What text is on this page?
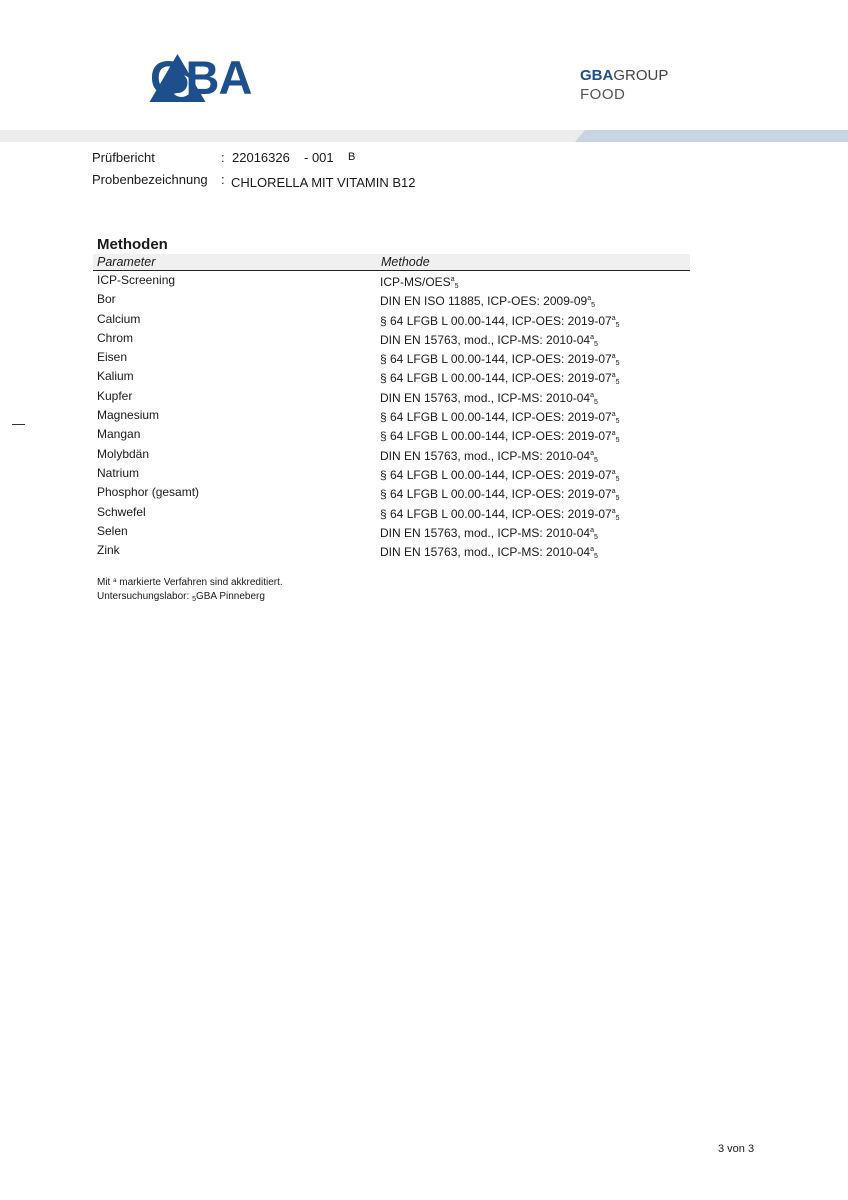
GBA	GBAGROUP
FOOD
Prüfbericht	: 22016326 - 001 B
Probenbezeichnung : CHLORELLA MIT VITAMIN B12
Methoden
Parameter	Methode
ICP-Screening	ICP-$MS/OES^a_5$
Bor	DIN EN ISO 11885, ICP-OES: $2009-09^a_5$
Calcium	§ 64 LFGB L 00.00-144, ICP-OES: $2019-07^a_5$
Chrom	DIN EN 15763, mod., ICP-MS: $2010-04^a_5$
Eisen	§ 64 LFGB L 00.00-144, ICP-OES: $2019-07^a_5$
Kalium	§ 64 LFGB L 00.00-144, ICP-OES: $2019-07^a_5$
Kupfer	DIN EN 15763, mod., ICP-MS: $2010-04^a_5$
Magnesium	§ 64 LFGB L 00.00-144, ICP-OES: $2019-07^a_5$
Mangan	§ 64 LFGB L 00.00-144, ICP-OES: $2019-07^a_5$
Molybdän	DIN EN 15763, mod., ICP-MS: $2010-04^a_5$
Natrium	§ 64 LFGB L 00.00-144, ICP-OES: $2019-07^a_5$
Phosphor (gesamt)	§ 64 LFGB L 00.00-144, ICP-OES: $2019-07^a_5$
Schwefel	§ 64 LFGB L 00.00-144, ICP-OES: $2019-07^a_5$
Selen	DIN EN 15763, mod., ICP-MS: $2010-04^a_5$
Zink	DIN EN 15763, mod., ICP-MS: $2010-04^a_5$
Mit $^a$ markierte Verfahren sind akkreditiert.
Untersuchungslabor: $_5$GBA Pinneberg
3 von 3
